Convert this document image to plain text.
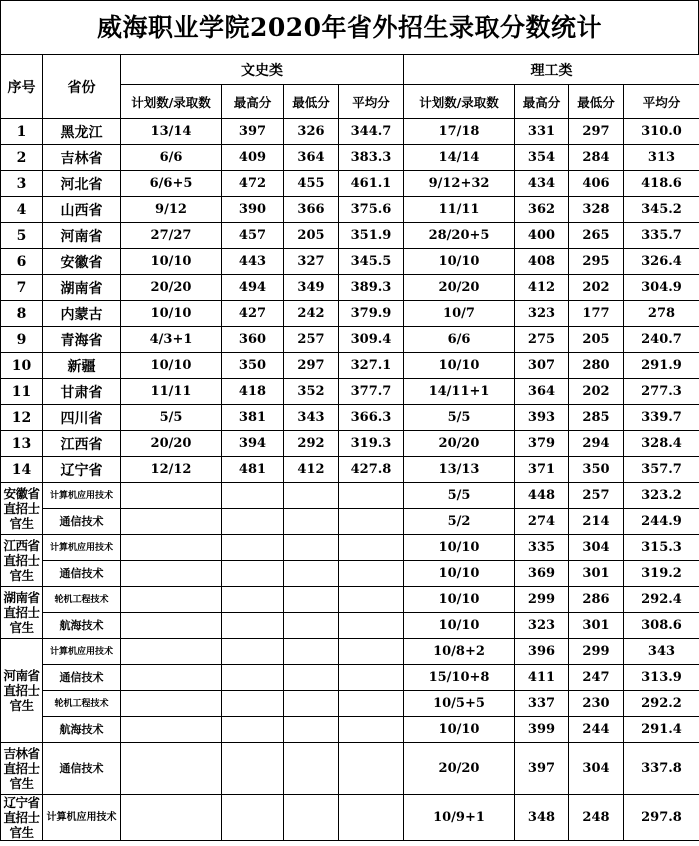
威海职业学院2020年省外招生录取分数统计
序号	省份	文史类				理工类			
		计划数/录取数	最高分	最低分	平均分	计划数/录取数	最高分	最低分	平均分
1	黑龙江	13/14	397	326	344.7	17/18	331	297	310.0
2	吉林省	6/6	409	364	383.3	14/14	354	284	313
3	河北省	6/6+5	472	455	461.1	9/12+32	434	406	418.6
4	山西省	9/12	390	366	375.6	11/11	362	328	345.2
5	河南省	27/27	457	205	351.9	28/20+5	400	265	335.7
6	安徽省	10/10	443	327	345.5	10/10	408	295	326.4
7	湖南省	20/20	494	349	389.3	20/20	412	202	304.9
8	内蒙古	10/10	427	242	379.9	10/7	323	177	278
9	青海省	4/3+1	360	257	309.4	6/6	275	205	240.7
10	新疆	10/10	350	297	327.1	10/10	307	280	291.9
11	甘肃省	11/11	418	352	377.7	14/11+1	364	202	277.3
12	四川省	5/5	381	343	366.3	5/5	393	285	339.7
13	江西省	20/20	394	292	319.3	20/20	379	294	328.4
14	辽宁省	12/12	481	412	427.8	13/13	371	350	357.7
安徽省直招士官生	计算机应用技术					5/5	448	257	323.2
	通信技术					5/2	274	214	244.9
江西省直招士官生	计算机应用技术					10/10	335	304	315.3
	通信技术					10/10	369	301	319.2
湖南省直招士官生	轮机工程技术					10/10	299	286	292.4
	航海技术					10/10	323	301	308.6
河南省直招士官生	计算机应用技术					10/8+2	396	299	343
	通信技术					15/10+8	411	247	313.9
	轮机工程技术					10/5+5	337	230	292.2
	航海技术					10/10	399	244	291.4
吉林省直招士官生	通信技术					20/20	397	304	337.8
辽宁省直招士官生	计算机应用技术					10/9+1	348	248	297.8
